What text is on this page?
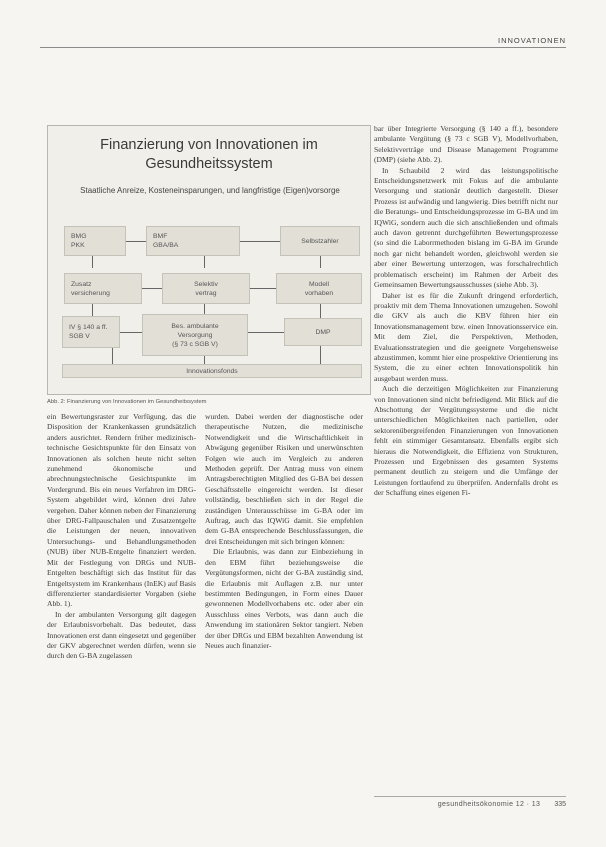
INNOVATIONEN
Finanzierung von Innovationen im
Gesundheitssystem
Staatliche Anreize, Kosteneinsparungen, und langfristige (Eigen)vorsorge
BMG
PKK
BMF
GBA/BA
Selbstzahler
Zusatz
versicherung
Selektiv
vertrag
Modell
vorhaben
IV § 140 a ff.
SGB V
Bes. ambulante
Versorgung
(§ 73 c SGB V)
DMP
Innovationsfonds
Abb. 2: Finanzierung von Innovationen im Gesundheitssystem

ein Bewertungsraster zur Verfügung, das die Disposition der Krankenkassen grundsätzlich anders ausrichtet. Rendern früher medizinisch-technische Gesichtspunkte für den Einsatz von Innovationen als solchen heute nicht selten zunehmend ökonomische und abrechnungstechnische Gesichtspunkte im Vordergrund. Bis ein neues Verfahren im DRG-System abgebildet wird, können drei Jahre vergehen. Daher können neben der Finanzierung über DRG-Fallpauschalen und Zusatzentgelte die Leistungen der neuen, innovativen Untersuchungs- und Behandlungsmethoden (NUB) über NUB-Entgelte finanziert werden. Mit der Festlegung von DRGs und NUB-Entgelten beschäftigt sich das Institut für das Entgeltsystem im Krankenhaus (InEK) auf Basis differenzierter standardisierter Vorgaben (siehe Abb. 1).

In der ambulanten Versorgung gilt dagegen der Erlaubnisvorbehalt. Das bedeutet, dass Innovationen erst dann eingesetzt und gegenüber der GKV abgerechnet werden dürfen, wenn sie durch den G-BA zugelassen

wurden. Dabei werden der diagnostische oder therapeutische Nutzen, die medizinische Notwendigkeit und die Wirtschaftlichkeit in Abwägung gegenüber Risiken und unerwünschten Folgen wie auch im Vergleich zu anderen Methoden geprüft. Der Antrag muss von einem Antragsberechtigten Mitglied des G-BA bei dessen Geschäftsstelle eingereicht werden. Ist dieser vollständig, beschließen sich in der Regel die zuständigen Unterausschüsse im G-BA oder im Auftrag, auch das IQWiG damit. Sie empfehlen dem G-BA entsprechende Beschlussfassungen, die drei Entscheidungen mit sich bringen können:

Die Erlaubnis, was dann zur Einbeziehung in den EBM führt beziehungsweise die Vergütungsformen, nicht der G-BA zuständig sind, die Erlaubnis mit Auflagen z.B. nur unter bestimmten Bedingungen, in Form eines Dauer gewonnenen Modellvorhabens etc. oder aber ein Ausschluss eines Verbots, was dann auch die Anwendung im stationären Sektor tangiert. Neben der über DRGs und EBM bezahlten Anwendung ist Neues auch finanzier-

bar über Integrierte Versorgung (§ 140 a ff.), besondere ambulante Vergütung (§ 73 c SGB V), Modellvorhaben, Selektivverträge und Disease Management Programme (DMP) (siehe Abb. 2).

In Schaubild 2 wird das leistungspolitische Entscheidungsnetzwerk mit Fokus auf die ambulante Versorgung und stationär deutlich dargestellt. Dieser Prozess ist aufwändig und langwierig. Dies betrifft nicht nur die Beratungs- und Entscheidungsprozesse im G-BA und im IQWiG, sondern auch die sich anschließenden und oftmals auch davon getrennt durchgeführten Bewertungsprozesse (so sind die Laborrmethoden bislang im G-BA im Grunde noch gar nicht behandelt worden, gleichwohl werden sie aber einer Bewertung unterzogen, was forschalrechtlich problematisch erscheint) im Rahmen der Arbeit des Gemeinsamen Bewertungsausschusses (siehe Abb. 3).

Daher ist es für die Zukunft dringend erforderlich, proaktiv mit dem Thema Innovationen umzugehen. Sowohl die GKV als auch die KBV führen hier ein Innovationsmanagement bzw. einen Innovationsservice ein. Mit dem Ziel, die Perspektiven, Methoden, Evaluationsstrategien und die geeignete Vorgehensweise abzustimmen, kommt hier eine prospektive Orientierung ins System, die zu einer echten Innovationspolitik hin ausgebaut werden muss.

Auch die derzeitigen Möglichkeiten zur Finanzierung von Innovationen sind nicht befriedigend. Mit Blick auf die Abschottung der Vergütungssysteme und die nicht unterschiedlichen Möglichkeiten nach partiellen, oder sektorenübergreifenden Finanzierungen von Innovationen fehlt ein stimmiger Gesamtansatz. Ebenfalls ergibt sich hieraus die Notwendigkeit, die Effizienz von Strukturen, Prozessen und Ergebnissen des gesamten Systems permanent deutlich zu steigern und die Umfänge der Leistungen fortlaufend zu überprüfen. Andernfalls droht es der Schaffung eines eigenen Fi-

gesundheitsökonomie 12 · 13 335
